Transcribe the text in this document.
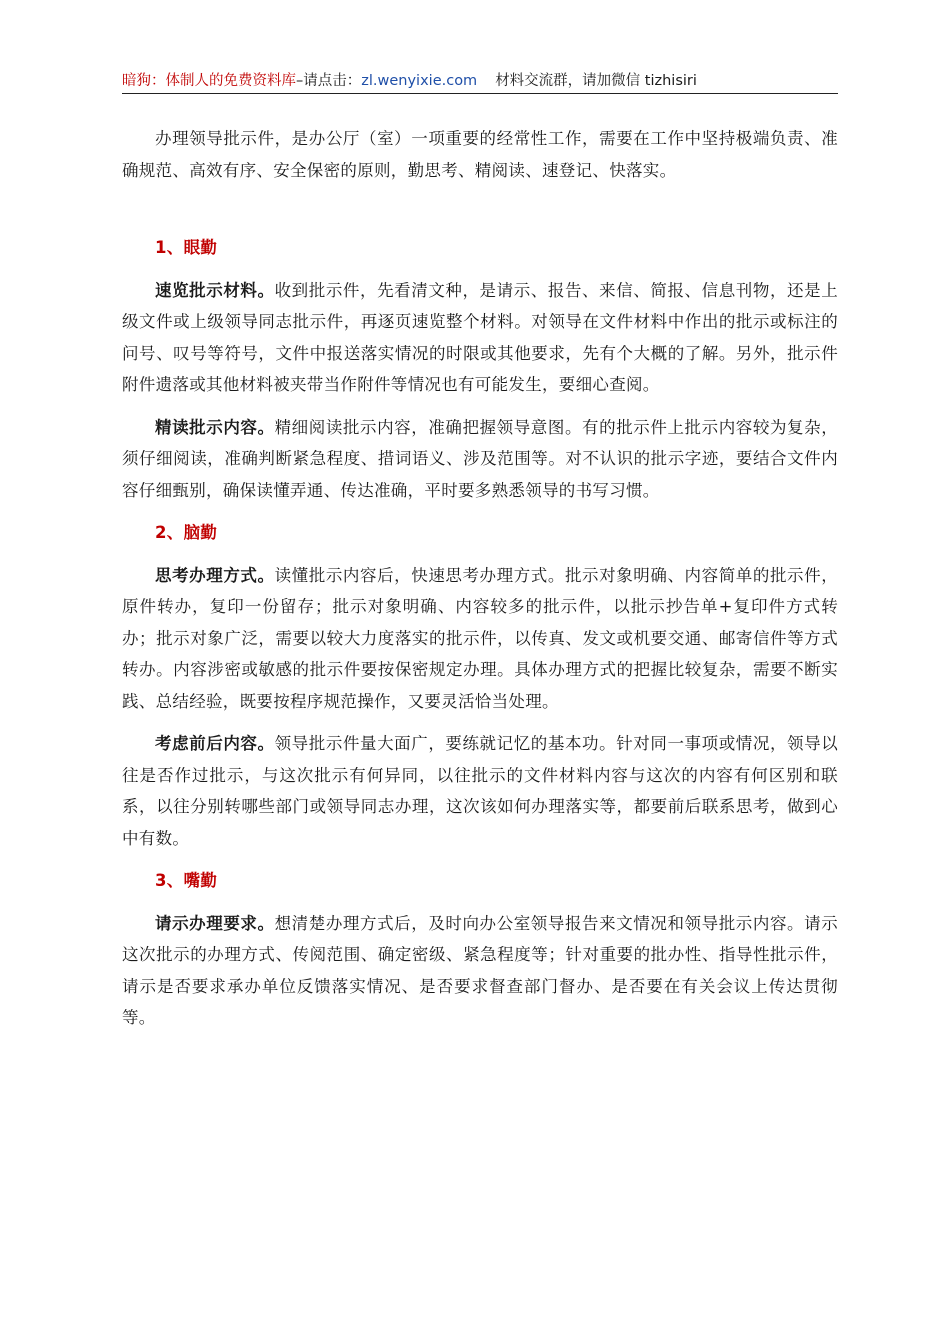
暗狗：体制人的免费资料库–请点击：zl.wenyixie.com 材料交流群，请加微信 tizhisiri

办理领导批示件，是办公厅（室）一项重要的经常性工作，需要在工作中坚持极端负责、准确规范、高效有序、安全保密的原则，勤思考、精阅读、速登记、快落实。

1、眼勤

速览批示材料。收到批示件，先看清文种，是请示、报告、来信、简报、信息刊物，还是上级文件或上级领导同志批示件，再逐页速览整个材料。对领导在文件材料中作出的批示或标注的问号、叹号等符号，文件中报送落实情况的时限或其他要求，先有个大概的了解。另外，批示件附件遗落或其他材料被夹带当作附件等情况也有可能发生，要细心查阅。

精读批示内容。精细阅读批示内容，准确把握领导意图。有的批示件上批示内容较为复杂，须仔细阅读，准确判断紧急程度、措词语义、涉及范围等。对不认识的批示字迹，要结合文件内容仔细甄别，确保读懂弄通、传达准确，平时要多熟悉领导的书写习惯。

2、脑勤

思考办理方式。读懂批示内容后，快速思考办理方式。批示对象明确、内容简单的批示件，原件转办，复印一份留存；批示对象明确、内容较多的批示件，以批示抄告单+复印件方式转办；批示对象广泛，需要以较大力度落实的批示件，以传真、发文或机要交通、邮寄信件等方式转办。内容涉密或敏感的批示件要按保密规定办理。具体办理方式的把握比较复杂，需要不断实践、总结经验，既要按程序规范操作，又要灵活恰当处理。

考虑前后内容。领导批示件量大面广，要练就记忆的基本功。针对同一事项或情况，领导以往是否作过批示，与这次批示有何异同，以往批示的文件材料内容与这次的内容有何区别和联系，以往分别转哪些部门或领导同志办理，这次该如何办理落实等，都要前后联系思考，做到心中有数。

3、嘴勤

请示办理要求。想清楚办理方式后，及时向办公室领导报告来文情况和领导批示内容。请示这次批示的办理方式、传阅范围、确定密级、紧急程度等；针对重要的批办性、指导性批示件，请示是否要求承办单位反馈落实情况、是否要求督查部门督办、是否要在有关会议上传达贯彻等。
